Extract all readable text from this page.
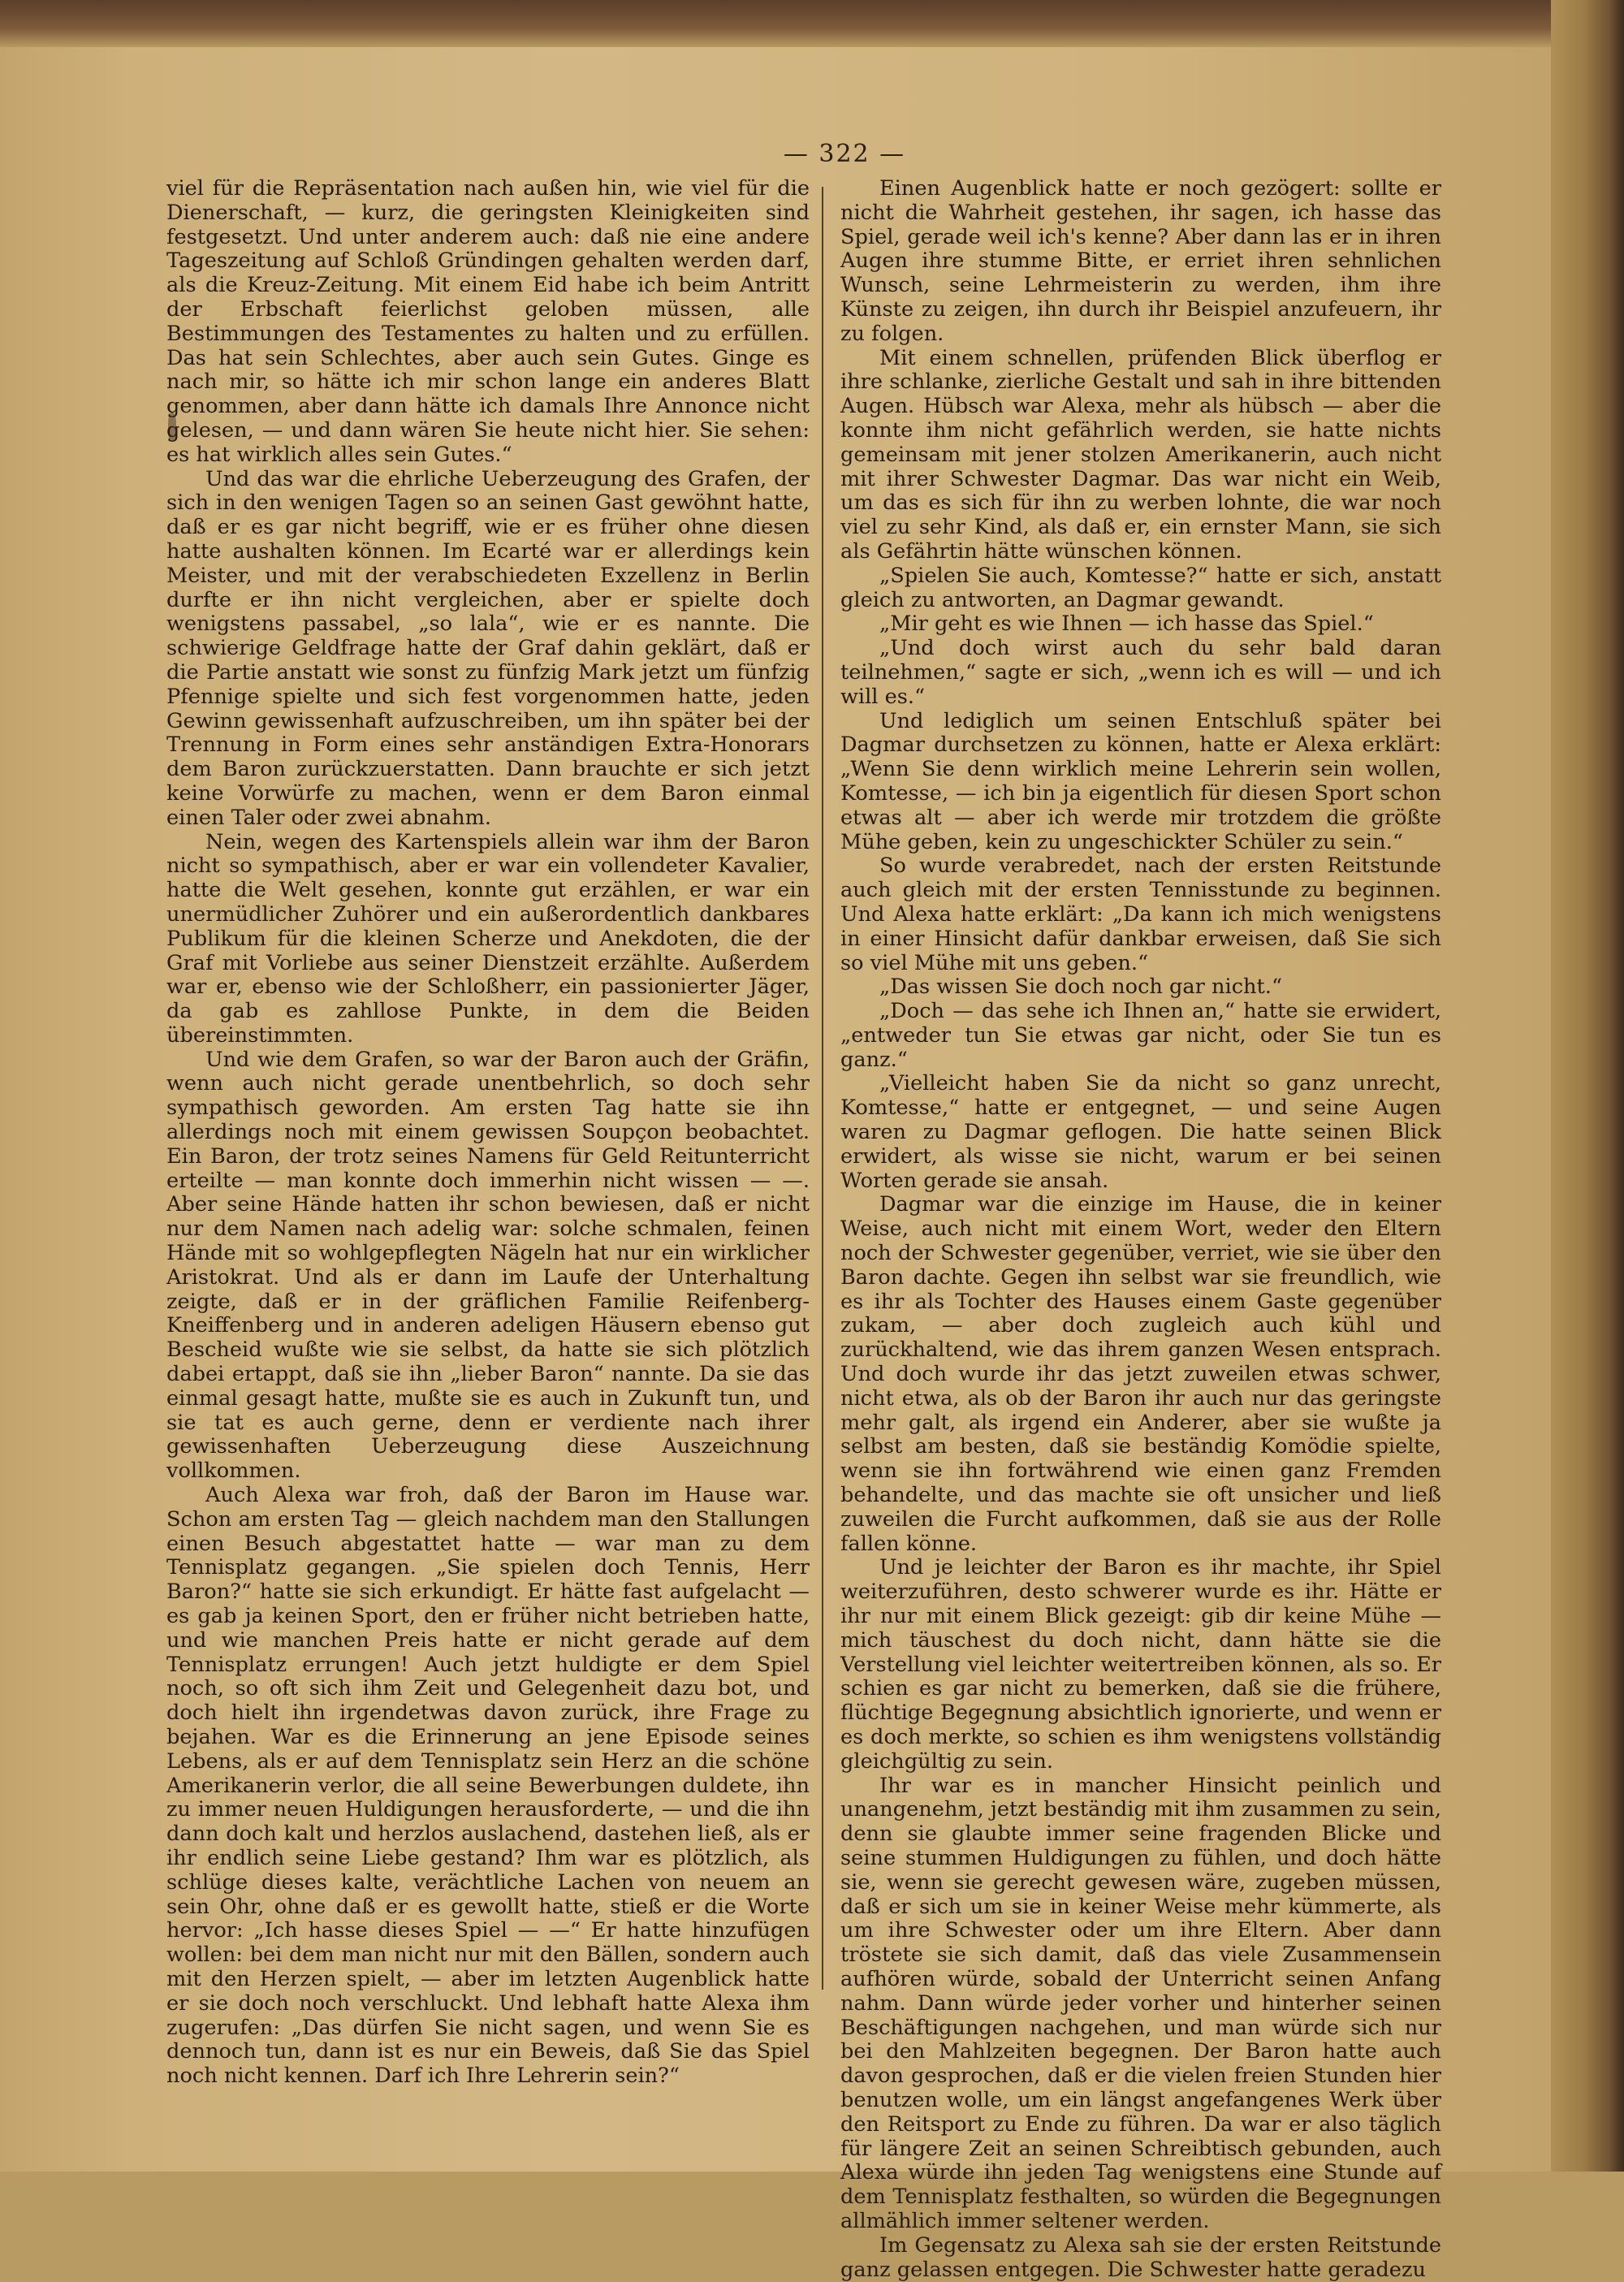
— 322 —

viel für die Repräsentation nach außen hin, wie viel für die Dienerschaft, — kurz, die geringsten Kleinigkeiten sind festgesetzt. Und unter anderem auch: daß nie eine andere Tageszeitung auf Schloß Gründingen gehalten werden darf, als die Kreuz-Zeitung. Mit einem Eid habe ich beim Antritt der Erbschaft feierlichst geloben müssen, alle Bestimmungen des Testamentes zu halten und zu erfüllen. Das hat sein Schlechtes, aber auch sein Gutes. Ginge es nach mir, so hätte ich mir schon lange ein anderes Blatt genommen, aber dann hätte ich damals Ihre Annonce nicht gelesen, — und dann wären Sie heute nicht hier. Sie sehen: es hat wirklich alles sein Gutes.“

Und das war die ehrliche Ueberzeugung des Grafen, der sich in den wenigen Tagen so an seinen Gast gewöhnt hatte, daß er es gar nicht begriff, wie er es früher ohne diesen hatte aushalten können. Im Ecarté war er allerdings kein Meister, und mit der verabschiedeten Exzellenz in Berlin durfte er ihn nicht vergleichen, aber er spielte doch wenigstens passabel, „so lala“, wie er es nannte. Die schwierige Geldfrage hatte der Graf dahin geklärt, daß er die Partie anstatt wie sonst zu fünfzig Mark jetzt um fünfzig Pfennige spielte und sich fest vorgenommen hatte, jeden Gewinn gewissenhaft aufzuschreiben, um ihn später bei der Trennung in Form eines sehr anständigen Extra-Honorars dem Baron zurückzuerstatten. Dann brauchte er sich jetzt keine Vorwürfe zu machen, wenn er dem Baron einmal einen Taler oder zwei abnahm.

Nein, wegen des Kartenspiels allein war ihm der Baron nicht so sympathisch, aber er war ein vollendeter Kavalier, hatte die Welt gesehen, konnte gut erzählen, er war ein unermüdlicher Zuhörer und ein außerordentlich dankbares Publikum für die kleinen Scherze und Anekdoten, die der Graf mit Vorliebe aus seiner Dienstzeit erzählte. Außerdem war er, ebenso wie der Schloßherr, ein passionierter Jäger, da gab es zahllose Punkte, in dem die Beiden übereinstimmten.

Und wie dem Grafen, so war der Baron auch der Gräfin, wenn auch nicht gerade unentbehrlich, so doch sehr sympathisch geworden. Am ersten Tag hatte sie ihn allerdings noch mit einem gewissen Soupçon beobachtet. Ein Baron, der trotz seines Namens für Geld Reitunterricht erteilte — man konnte doch immerhin nicht wissen — —. Aber seine Hände hatten ihr schon bewiesen, daß er nicht nur dem Namen nach adelig war: solche schmalen, feinen Hände mit so wohlgepflegten Nägeln hat nur ein wirklicher Aristokrat. Und als er dann im Laufe der Unterhaltung zeigte, daß er in der gräflichen Familie Reifenberg-Kneiffenberg und in anderen adeligen Häusern ebenso gut Bescheid wußte wie sie selbst, da hatte sie sich plötzlich dabei ertappt, daß sie ihn „lieber Baron“ nannte. Da sie das einmal gesagt hatte, mußte sie es auch in Zukunft tun, und sie tat es auch gerne, denn er verdiente nach ihrer gewissenhaften Ueberzeugung diese Auszeichnung vollkommen.

Auch Alexa war froh, daß der Baron im Hause war. Schon am ersten Tag — gleich nachdem man den Stallungen einen Besuch abgestattet hatte — war man zu dem Tennisplatz gegangen. „Sie spielen doch Tennis, Herr Baron?“ hatte sie sich erkundigt. Er hätte fast aufgelacht — es gab ja keinen Sport, den er früher nicht betrieben hatte, und wie manchen Preis hatte er nicht gerade auf dem Tennisplatz errungen! Auch jetzt huldigte er dem Spiel noch, so oft sich ihm Zeit und Gelegenheit dazu bot, und doch hielt ihn irgendetwas davon zurück, ihre Frage zu bejahen. War es die Erinnerung an jene Episode seines Lebens, als er auf dem Tennisplatz sein Herz an die schöne Amerikanerin verlor, die all seine Bewerbungen duldete, ihn zu immer neuen Huldigungen herausforderte, — und die ihn dann doch kalt und herzlos auslachend, dastehen ließ, als er ihr endlich seine Liebe gestand? Ihm war es plötzlich, als schlüge dieses kalte, verächtliche Lachen von neuem an sein Ohr, ohne daß er es gewollt hatte, stieß er die Worte hervor: „Ich hasse dieses Spiel — —“ Er hatte hinzufügen wollen: bei dem man nicht nur mit den Bällen, sondern auch mit den Herzen spielt, — aber im letzten Augenblick hatte er sie doch noch verschluckt. Und lebhaft hatte Alexa ihm zugerufen: „Das dürfen Sie nicht sagen, und wenn Sie es dennoch tun, dann ist es nur ein Beweis, daß Sie das Spiel noch nicht kennen. Darf ich Ihre Lehrerin sein?“

Einen Augenblick hatte er noch gezögert: sollte er nicht die Wahrheit gestehen, ihr sagen, ich hasse das Spiel, gerade weil ich's kenne? Aber dann las er in ihren Augen ihre stumme Bitte, er erriet ihren sehnlichen Wunsch, seine Lehrmeisterin zu werden, ihm ihre Künste zu zeigen, ihn durch ihr Beispiel anzufeuern, ihr zu folgen.

Mit einem schnellen, prüfenden Blick überflog er ihre schlanke, zierliche Gestalt und sah in ihre bittenden Augen. Hübsch war Alexa, mehr als hübsch — aber die konnte ihm nicht gefährlich werden, sie hatte nichts gemeinsam mit jener stolzen Amerikanerin, auch nicht mit ihrer Schwester Dagmar. Das war nicht ein Weib, um das es sich für ihn zu werben lohnte, die war noch viel zu sehr Kind, als daß er, ein ernster Mann, sie sich als Gefährtin hätte wünschen können.

„Spielen Sie auch, Komtesse?“ hatte er sich, anstatt gleich zu antworten, an Dagmar gewandt.

„Mir geht es wie Ihnen — ich hasse das Spiel.“

„Und doch wirst auch du sehr bald daran teilnehmen,“ sagte er sich, „wenn ich es will — und ich will es.“

Und lediglich um seinen Entschluß später bei Dagmar durchsetzen zu können, hatte er Alexa erklärt: „Wenn Sie denn wirklich meine Lehrerin sein wollen, Komtesse, — ich bin ja eigentlich für diesen Sport schon etwas alt — aber ich werde mir trotzdem die größte Mühe geben, kein zu ungeschickter Schüler zu sein.“

So wurde verabredet, nach der ersten Reitstunde auch gleich mit der ersten Tennisstunde zu beginnen. Und Alexa hatte erklärt: „Da kann ich mich wenigstens in einer Hinsicht dafür dankbar erweisen, daß Sie sich so viel Mühe mit uns geben.“

„Das wissen Sie doch noch gar nicht.“

„Doch — das sehe ich Ihnen an,“ hatte sie erwidert, „entweder tun Sie etwas gar nicht, oder Sie tun es ganz.“

„Vielleicht haben Sie da nicht so ganz unrecht, Komtesse,“ hatte er entgegnet, — und seine Augen waren zu Dagmar geflogen. Die hatte seinen Blick erwidert, als wisse sie nicht, warum er bei seinen Worten gerade sie ansah.

Dagmar war die einzige im Hause, die in keiner Weise, auch nicht mit einem Wort, weder den Eltern noch der Schwester gegenüber, verriet, wie sie über den Baron dachte. Gegen ihn selbst war sie freundlich, wie es ihr als Tochter des Hauses einem Gaste gegenüber zukam, — aber doch zugleich auch kühl und zurückhaltend, wie das ihrem ganzen Wesen entsprach. Und doch wurde ihr das jetzt zuweilen etwas schwer, nicht etwa, als ob der Baron ihr auch nur das geringste mehr galt, als irgend ein Anderer, aber sie wußte ja selbst am besten, daß sie beständig Komödie spielte, wenn sie ihn fortwährend wie einen ganz Fremden behandelte, und das machte sie oft unsicher und ließ zuweilen die Furcht aufkommen, daß sie aus der Rolle fallen könne.

Und je leichter der Baron es ihr machte, ihr Spiel weiterzuführen, desto schwerer wurde es ihr. Hätte er ihr nur mit einem Blick gezeigt: gib dir keine Mühe — mich täuschest du doch nicht, dann hätte sie die Verstellung viel leichter weitertreiben können, als so. Er schien es gar nicht zu bemerken, daß sie die frühere, flüchtige Begegnung absichtlich ignorierte, und wenn er es doch merkte, so schien es ihm wenigstens vollständig gleichgültig zu sein.

Ihr war es in mancher Hinsicht peinlich und unangenehm, jetzt beständig mit ihm zusammen zu sein, denn sie glaubte immer seine fragenden Blicke und seine stummen Huldigungen zu fühlen, und doch hätte sie, wenn sie gerecht gewesen wäre, zugeben müssen, daß er sich um sie in keiner Weise mehr kümmerte, als um ihre Schwester oder um ihre Eltern. Aber dann tröstete sie sich damit, daß das viele Zusammensein aufhören würde, sobald der Unterricht seinen Anfang nahm. Dann würde jeder vorher und hinterher seinen Beschäftigungen nachgehen, und man würde sich nur bei den Mahlzeiten begegnen. Der Baron hatte auch davon gesprochen, daß er die vielen freien Stunden hier benutzen wolle, um ein längst angefangenes Werk über den Reitsport zu Ende zu führen. Da war er also täglich für längere Zeit an seinen Schreibtisch gebunden, auch Alexa würde ihn jeden Tag wenigstens eine Stunde auf dem Tennisplatz festhalten, so würden die Begegnungen allmählich immer seltener werden.

Im Gegensatz zu Alexa sah sie der ersten Reitstunde ganz gelassen entgegen. Die Schwester hatte geradezu
